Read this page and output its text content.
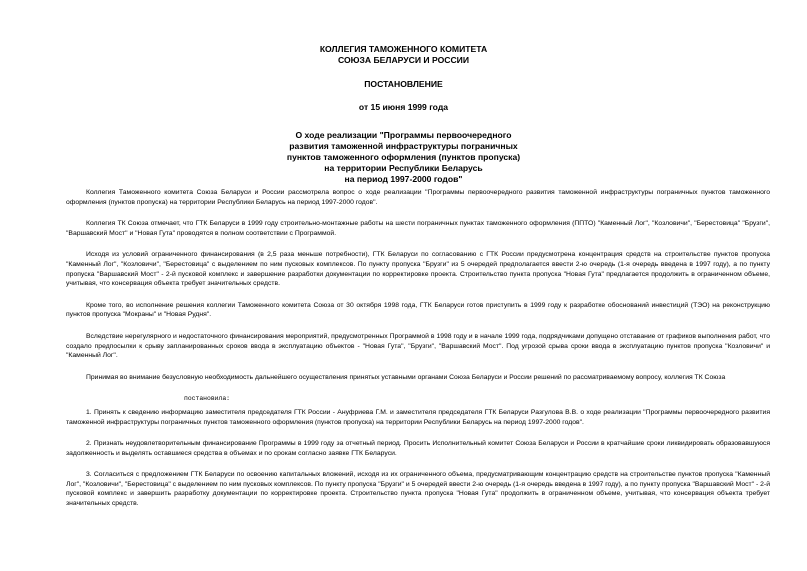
КОЛЛЕГИЯ ТАМОЖЕННОГО КОМИТЕТА
СОЮЗА БЕЛАРУСИ И РОССИИ
ПОСТАНОВЛЕНИЕ
от 15 июня 1999 года
О ходе реализации "Программы первоочередного
развития таможенной инфраструктуры пограничных
пунктов таможенного оформления (пунктов пропуска)
на территории Республики Беларусь
на период 1997-2000 годов"

Коллегия Таможенного комитета Союза Беларуси и России рассмотрела вопрос о ходе реализации "Программы первоочередного развития таможенной инфраструктуры пограничных пунктов таможенного оформления (пунктов пропуска) на территории Республики Беларусь на период 1997-2000 годов".

Коллегия ТК Союза отмечает, что ГТК Беларуси в 1999 году строительно-монтажные работы на шести пограничных пунктах таможенного оформления (ППТО) "Каменный Лог", "Козловичи", "Берестовица" "Брузги", "Варшавский Мост" и "Новая Гута" проводятся в полном соответствии с Программой.

Исходя из условий ограниченного финансирования (в 2,5 раза меньше потребности), ГТК Беларуси по согласованию с ГТК России предусмотрена концентрация средств на строительстве пунктов пропуска "Каменный Лог", "Козловичи", "Берестовица" с выделением по ним пусковых комплексов. По пункту пропуска "Брузги" из 5 очередей предполагается ввести 2-ю очередь (1-я очередь введена в 1997 году), а по пункту пропуска "Варшавский Мост" - 2-й пусковой комплекс и завершение разработки документации по корректировке проекта. Строительство пункта пропуска "Новая Гута" предлагается продолжить в ограниченном объеме, учитывая, что консервация объекта требует значительных средств.

Кроме того, во исполнение решения коллегии Таможенного комитета Союза от 30 октября 1998 года, ГТК Беларуси готов приступить в 1999 году к разработке обоснований инвестиций (ТЭО) на реконструкцию пунктов пропуска "Мокраны" и "Новая Рудня".

Вследствие нерегулярного и недостаточного финансирования мероприятий, предусмотренных Программой в 1998 году и в начале 1999 года, подрядчиками допущено отставание от графиков выполнения работ, что создало предпосылки к срыву запланированных сроков ввода в эксплуатацию объектов - "Новая Гута", "Брузги", "Варшавский Мост". Под угрозой срыва сроки ввода в эксплуатацию пунктов пропуска "Козловичи" и "Каменный Лог".

Принимая во внимание безусловную необходимость дальнейшего осуществления принятых уставными органами Союза Беларуси и России решений по рассматриваемому вопросу, коллегия ТК Союза

постановила:

1. Принять к сведению информацию заместителя председателя ГТК России - Ануфриева Г.М. и заместителя председателя ГТК Беларуси Разгулова В.В. о ходе реализации "Программы первоочередного развития таможенной инфраструктуры пограничных пунктов таможенного оформления (пунктов пропуска) на территории Республики Беларусь на период 1997-2000 годов".

2. Признать неудовлетворительным финансирование Программы в 1999 году за отчетный период. Просить Исполнительный комитет Союза Беларуси и России в кратчайшие сроки ликвидировать образовавшуюся задолженность и выделять оставшиеся средства в объемах и по срокам согласно заявке ГТК Беларуси.

3. Согласиться с предложением ГТК Беларуси по освоению капитальных вложений, исходя из их ограниченного объема, предусматривающим концентрацию средств на строительстве пунктов пропуска "Каменный Лог", "Козловичи", "Берестовица" с выделением по ним пусковых комплексов. По пункту пропуска "Брузги" и 5 очередей ввести 2-ю очередь (1-я очередь введена в 1997 году), а по пункту пропуска "Варшавский Мост" - 2-й пусковой комплекс и завершить разработку документации по корректировке проекта. Строительство пункта пропуска "Новая Гута" продолжить в ограниченном объеме, учитывая, что консервация объекта требует значительных средств.
